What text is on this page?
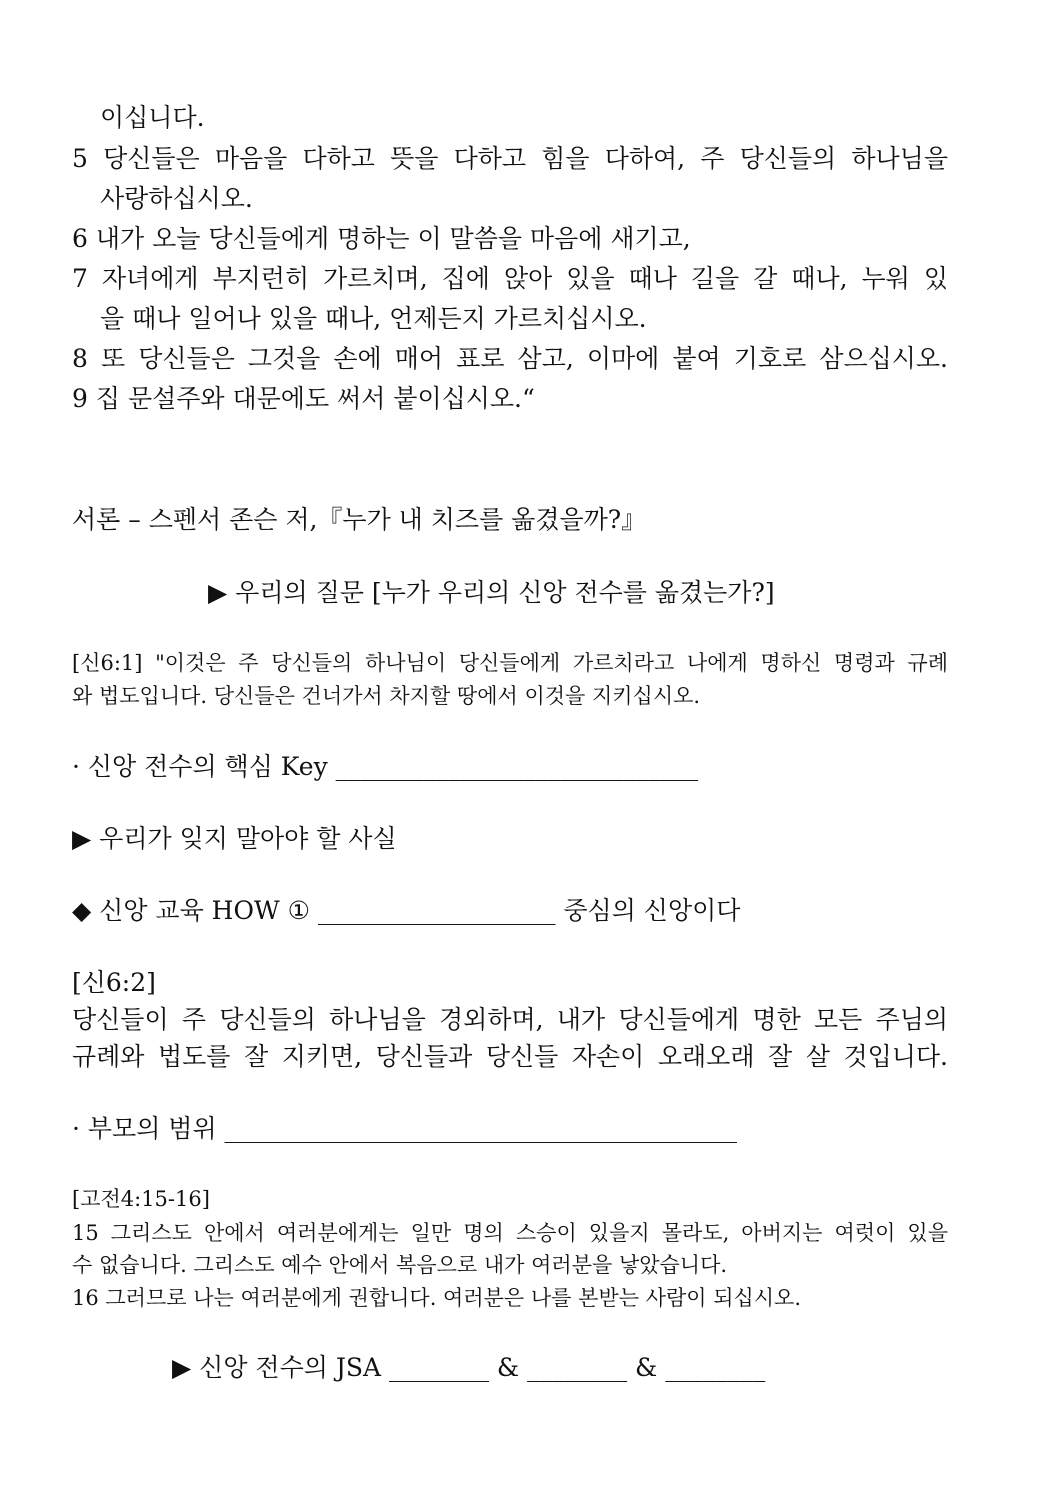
이십니다.
5 당신들은 마음을 다하고 뜻을 다하고 힘을 다하여, 주 당신들의 하나님을
사랑하십시오.
6 내가 오늘 당신들에게 명하는 이 말씀을 마음에 새기고,
7 자녀에게 부지런히 가르치며, 집에 앉아 있을 때나 길을 갈 때나, 누워 있
을 때나 일어나 있을 때나, 언제든지 가르치십시오.
8 또 당신들은 그것을 손에 매어 표로 삼고, 이마에 붙여 기호로 삼으십시오.
9 집 문설주와 대문에도 써서 붙이십시오.“
서론 – 스펜서 존슨 저,『누가 내 치즈를 옮겼을까?』
▶ 우리의 질문 [누가 우리의 신앙 전수를 옮겼는가?]
[신6:1] "이것은 주 당신들의 하나님이 당신들에게 가르치라고 나에게 명하신 명령과 규례
와 법도입니다. 당신들은 건너가서 차지할 땅에서 이것을 지키십시오.
· 신앙 전수의 핵심 Key _____________________________
▶ 우리가 잊지 말아야 할 사실
◆ 신앙 교육 HOW ① ___________________ 중심의 신앙이다
[신6:2]
당신들이 주 당신들의 하나님을 경외하며, 내가 당신들에게 명한 모든 주님의
규례와 법도를 잘 지키면, 당신들과 당신들 자손이 오래오래 잘 살 것입니다.
· 부모의 범위 _________________________________________
[고전4:15-16]
15 그리스도 안에서 여러분에게는 일만 명의 스승이 있을지 몰라도, 아버지는 여럿이 있을
수 없습니다. 그리스도 예수 안에서 복음으로 내가 여러분을 낳았습니다.
16 그러므로 나는 여러분에게 권합니다. 여러분은 나를 본받는 사람이 되십시오.
▶ 신앙 전수의 JSA ________ & ________ & ________
